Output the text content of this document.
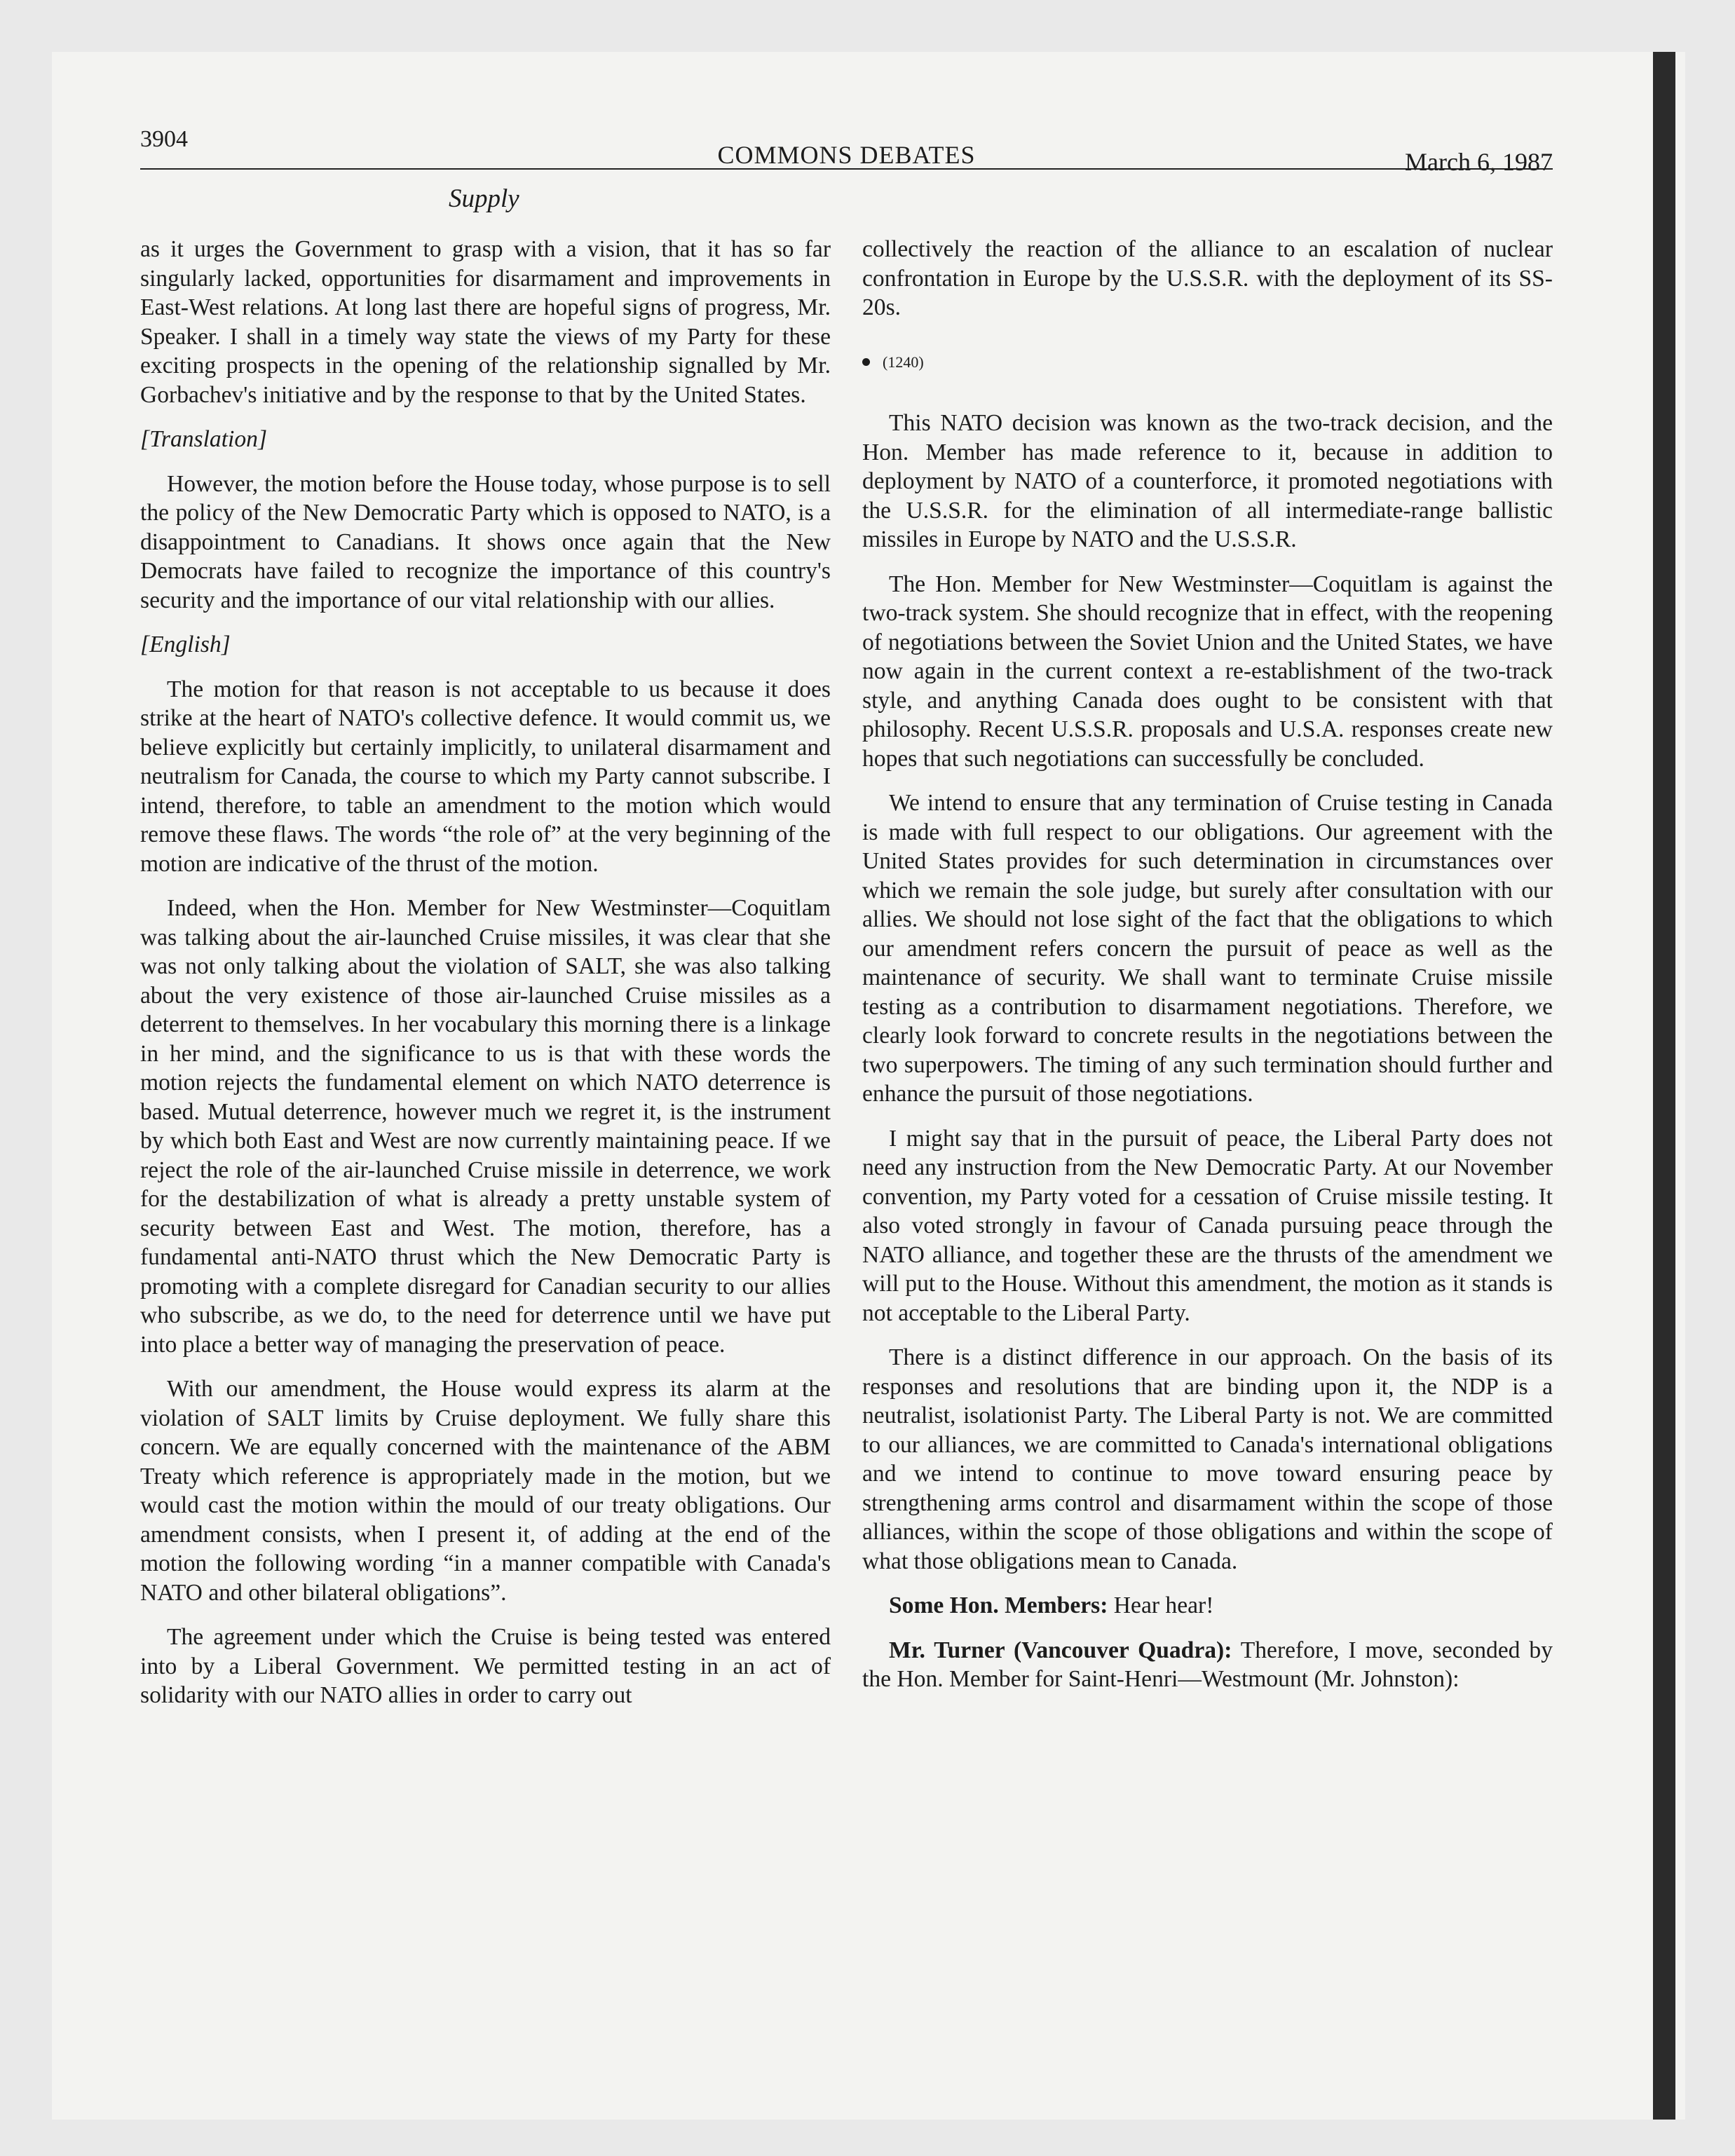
3904
COMMONS DEBATES	March 6, 1987
Supply

as it urges the Government to grasp with a vision, that it has so far singularly lacked, opportunities for disarmament and improvements in East-West relations. At long last there are hopeful signs of progress, Mr. Speaker. I shall in a timely way state the views of my Party for these exciting prospects in the opening of the relationship signalled by Mr. Gorbachev's initiative and by the response to that by the United States.

[Translation]

However, the motion before the House today, whose purpose is to sell the policy of the New Democratic Party which is opposed to NATO, is a disappointment to Canadians. It shows once again that the New Democrats have failed to recognize the importance of this country's security and the importance of our vital relationship with our allies.

[English]

The motion for that reason is not acceptable to us because it does strike at the heart of NATO's collective defence. It would commit us, we believe explicitly but certainly implicitly, to unilateral disarmament and neutralism for Canada, the course to which my Party cannot subscribe. I intend, therefore, to table an amendment to the motion which would remove these flaws. The words “the role of” at the very beginning of the motion are indicative of the thrust of the motion.

Indeed, when the Hon. Member for New Westminster—Coquitlam was talking about the air-launched Cruise missiles, it was clear that she was not only talking about the violation of SALT, she was also talking about the very existence of those air-launched Cruise missiles as a deterrent to themselves. In her vocabulary this morning there is a linkage in her mind, and the significance to us is that with these words the motion rejects the fundamental element on which NATO deterrence is based. Mutual deterrence, however much we regret it, is the instrument by which both East and West are now currently maintaining peace. If we reject the role of the air-launched Cruise missile in deterrence, we work for the destabilization of what is already a pretty unstable system of security between East and West. The motion, therefore, has a fundamental anti-NATO thrust which the New Democratic Party is promoting with a complete disregard for Canadian security to our allies who subscribe, as we do, to the need for deterrence until we have put into place a better way of managing the preservation of peace.

With our amendment, the House would express its alarm at the violation of SALT limits by Cruise deployment. We fully share this concern. We are equally concerned with the maintenance of the ABM Treaty which reference is appropriately made in the motion, but we would cast the motion within the mould of our treaty obligations. Our amendment consists, when I present it, of adding at the end of the motion the following wording “in a manner compatible with Canada's NATO and other bilateral obligations”.

The agreement under which the Cruise is being tested was entered into by a Liberal Government. We permitted testing in an act of solidarity with our NATO allies in order to carry out

collectively the reaction of the alliance to an escalation of nuclear confrontation in Europe by the U.S.S.R. with the deployment of its SS-20s.

(1240)

This NATO decision was known as the two-track decision, and the Hon. Member has made reference to it, because in addition to deployment by NATO of a counterforce, it promoted negotiations with the U.S.S.R. for the elimination of all intermediate-range ballistic missiles in Europe by NATO and the U.S.S.R.

The Hon. Member for New Westminster—Coquitlam is against the two-track system. She should recognize that in effect, with the reopening of negotiations between the Soviet Union and the United States, we have now again in the current context a re-establishment of the two-track style, and anything Canada does ought to be consistent with that philosophy. Recent U.S.S.R. proposals and U.S.A. responses create new hopes that such negotiations can successfully be concluded.

We intend to ensure that any termination of Cruise testing in Canada is made with full respect to our obligations. Our agreement with the United States provides for such determination in circumstances over which we remain the sole judge, but surely after consultation with our allies. We should not lose sight of the fact that the obligations to which our amendment refers concern the pursuit of peace as well as the maintenance of security. We shall want to terminate Cruise missile testing as a contribution to disarmament negotiations. Therefore, we clearly look forward to concrete results in the negotiations between the two superpowers. The timing of any such termination should further and enhance the pursuit of those negotiations.

I might say that in the pursuit of peace, the Liberal Party does not need any instruction from the New Democratic Party. At our November convention, my Party voted for a cessation of Cruise missile testing. It also voted strongly in favour of Canada pursuing peace through the NATO alliance, and together these are the thrusts of the amendment we will put to the House. Without this amendment, the motion as it stands is not acceptable to the Liberal Party.

There is a distinct difference in our approach. On the basis of its responses and resolutions that are binding upon it, the NDP is a neutralist, isolationist Party. The Liberal Party is not. We are committed to our alliances, we are committed to Canada's international obligations and we intend to continue to move toward ensuring peace by strengthening arms control and disarmament within the scope of those alliances, within the scope of those obligations and within the scope of what those obligations mean to Canada.

Some Hon. Members: Hear hear!

Mr. Turner (Vancouver Quadra): Therefore, I move, seconded by the Hon. Member for Saint-Henri—Westmount (Mr. Johnston):
